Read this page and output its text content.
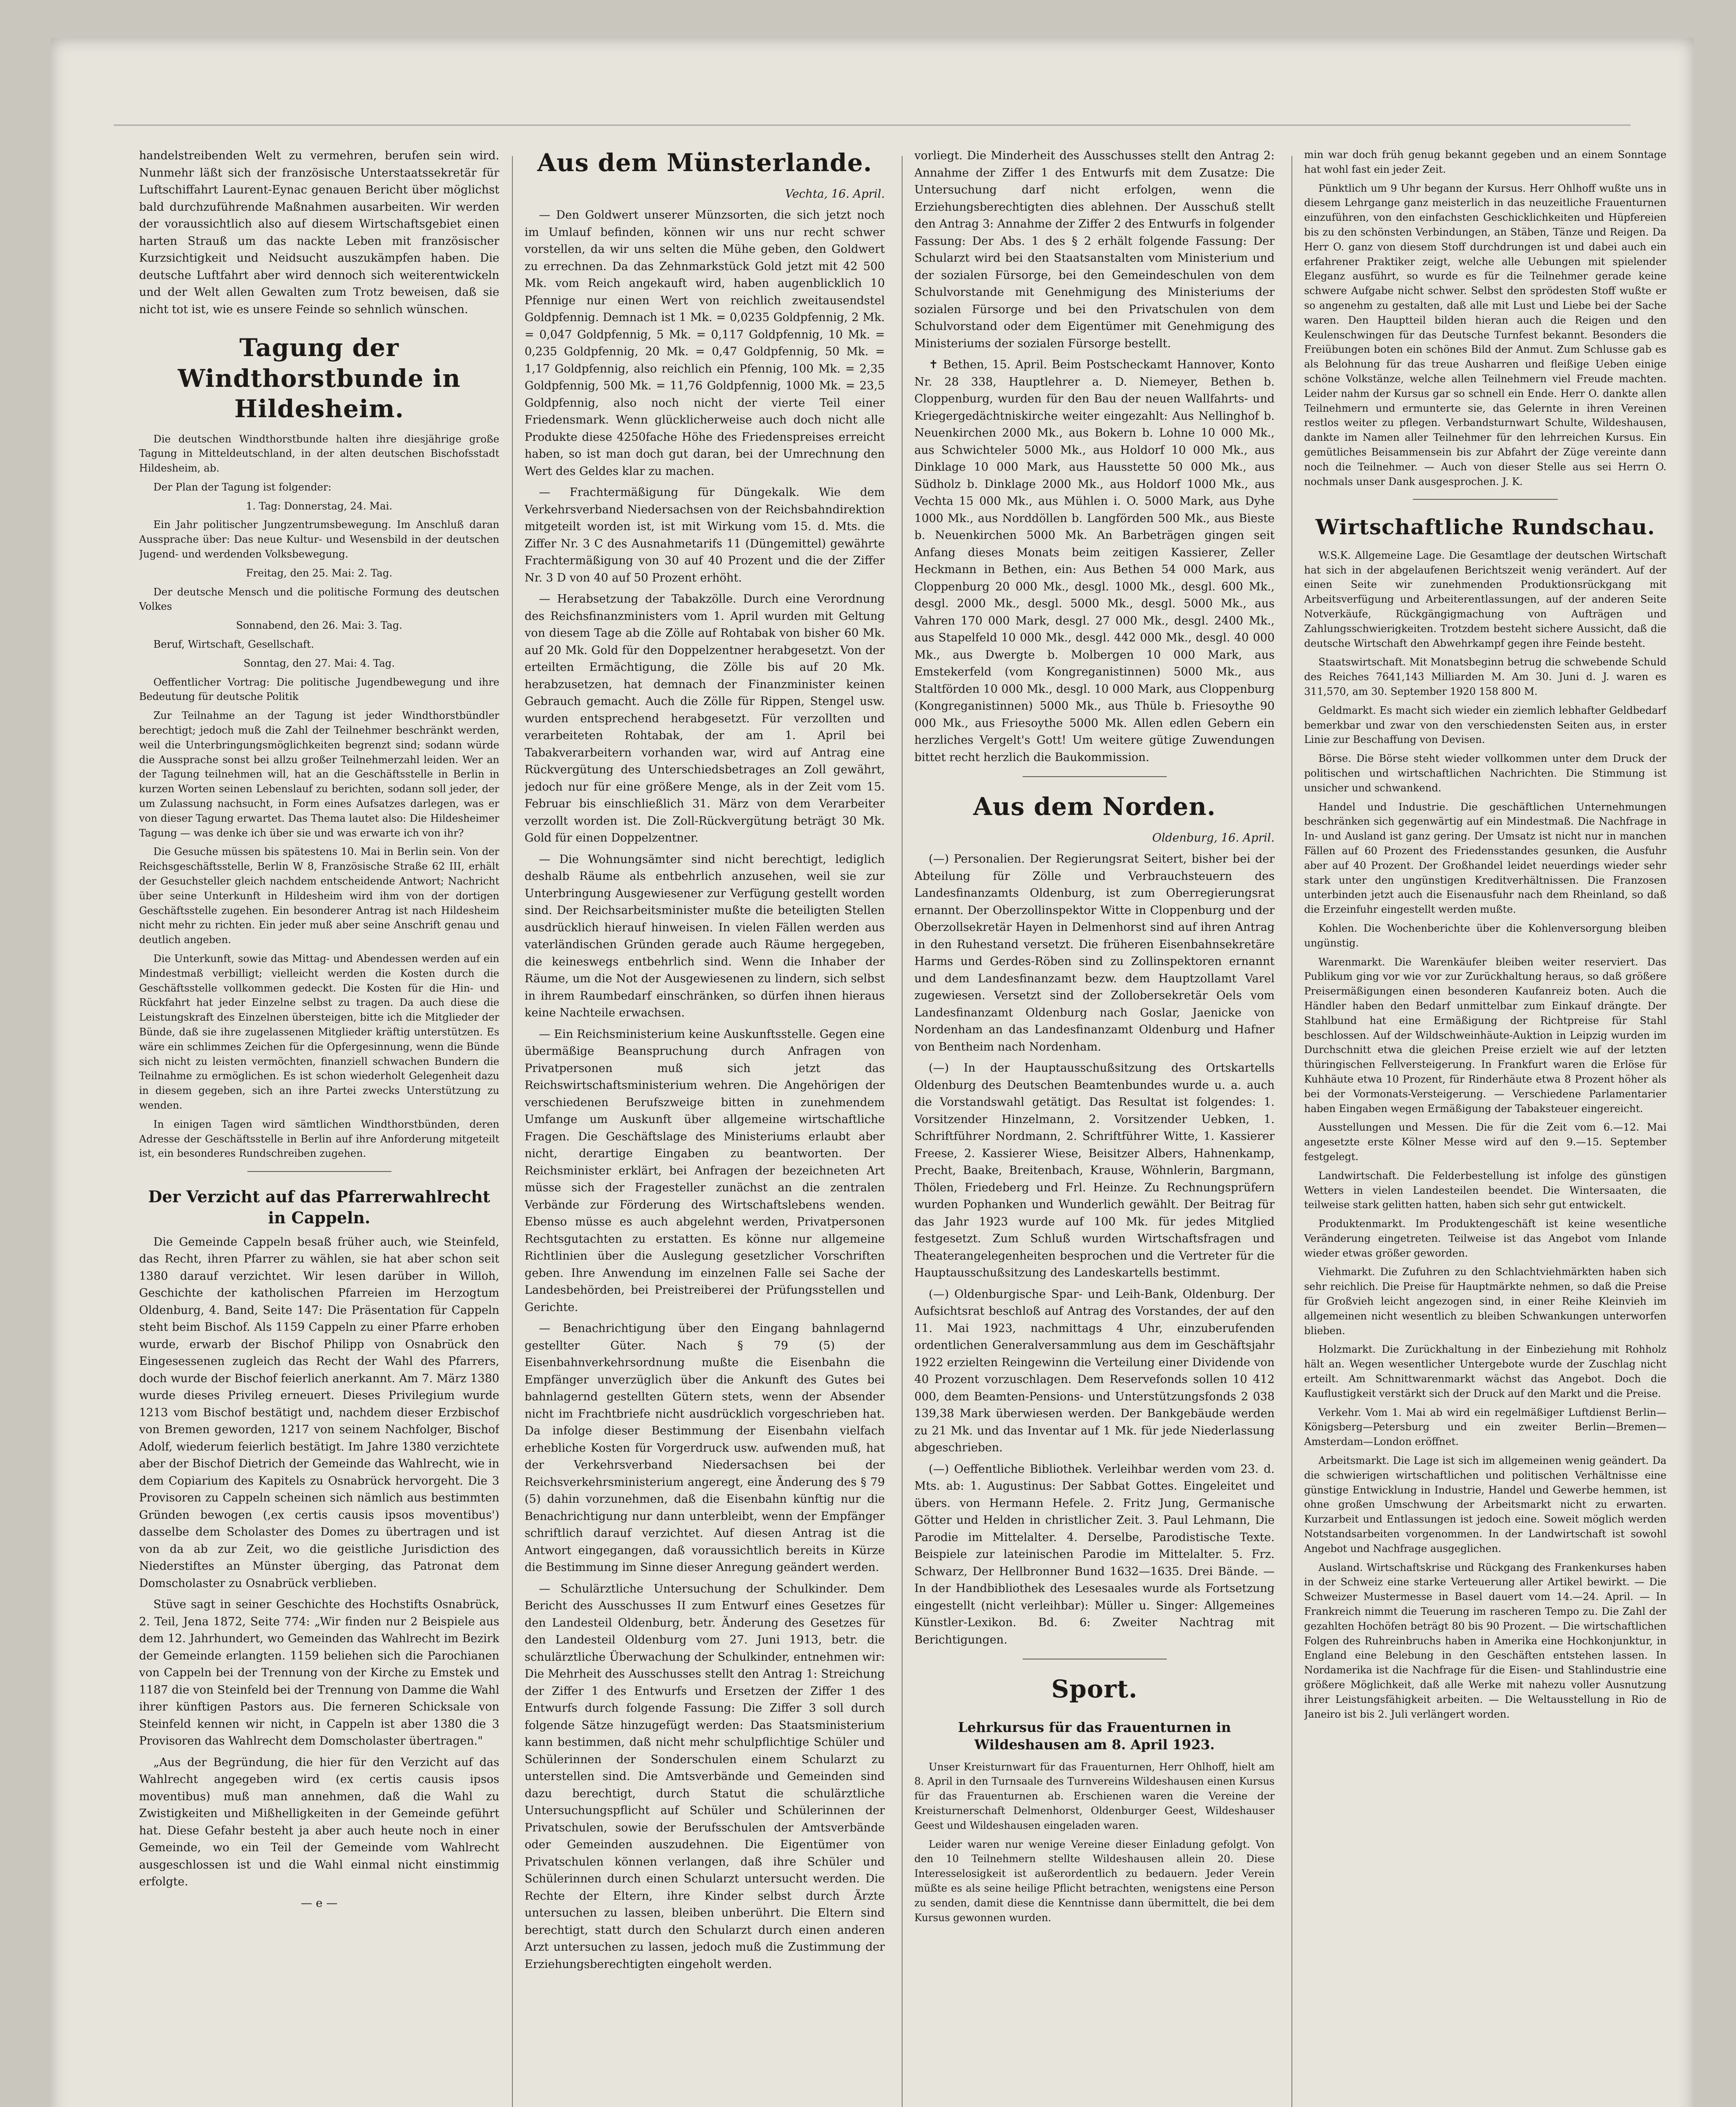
handelstreibenden Welt zu vermehren, berufen sein wird. Nunmehr läßt sich der französische Unterstaatssekretär für Luftschiffahrt Laurent-Eynac genauen Bericht über möglichst bald durchzuführende Maßnahmen ausarbeiten. Wir werden der voraussichtlich also auf diesem Wirtschaftsgebiet einen harten Strauß um das nackte Leben mit französischer Kurzsichtigkeit und Neidsucht auszukämpfen haben. Die deutsche Luftfahrt aber wird dennoch sich weiterentwickeln und der Welt allen Gewalten zum Trotz beweisen, daß sie nicht tot ist, wie es unsere Feinde so sehnlich wünschen.

Tagung der Windthorstbunde in Hildesheim.

Die deutschen Windthorstbunde halten ihre diesjährige große Tagung in Mitteldeutschland, in der alten deutschen Bischofsstadt Hildesheim, ab.

Der Plan der Tagung ist folgender:

1. Tag: Donnerstag, 24. Mai.

Ein Jahr politischer Jungzentrumsbewegung. Im Anschluß daran Aussprache über: Das neue Kultur- und Wesensbild in der deutschen Jugend- und werdenden Volksbewegung.

Freitag, den 25. Mai: 2. Tag.

Der deutsche Mensch und die politische Formung des deutschen Volkes

Sonnabend, den 26. Mai: 3. Tag.

Beruf, Wirtschaft, Gesellschaft.

Sonntag, den 27. Mai: 4. Tag.

Oeffentlicher Vortrag: Die politische Jugendbewegung und ihre Bedeutung für deutsche Politik

Zur Teilnahme an der Tagung ist jeder Windthorstbündler berechtigt; jedoch muß die Zahl der Teilnehmer beschränkt werden, weil die Unterbringungsmöglichkeiten begrenzt sind; sodann würde die Aussprache sonst bei allzu großer Teilnehmerzahl leiden. Wer an der Tagung teilnehmen will, hat an die Geschäftsstelle in Berlin in kurzen Worten seinen Lebenslauf zu berichten, sodann soll jeder, der um Zulassung nachsucht, in Form eines Aufsatzes darlegen, was er von dieser Tagung erwartet. Das Thema lautet also: Die Hildesheimer Tagung — was denke ich über sie und was erwarte ich von ihr?

Die Gesuche müssen bis spätestens 10. Mai in Berlin sein. Von der Reichsgeschäftsstelle, Berlin W 8, Französische Straße 62 III, erhält der Gesuchsteller gleich nachdem entscheidende Antwort; Nachricht über seine Unterkunft in Hildesheim wird ihm von der dortigen Geschäftsstelle zugehen. Ein besonderer Antrag ist nach Hildesheim nicht mehr zu richten. Ein jeder muß aber seine Anschrift genau und deutlich angeben.

Die Unterkunft, sowie das Mittag- und Abendessen werden auf ein Mindestmaß verbilligt; vielleicht werden die Kosten durch die Geschäftsstelle vollkommen gedeckt. Die Kosten für die Hin- und Rückfahrt hat jeder Einzelne selbst zu tragen. Da auch diese die Leistungskraft des Einzelnen übersteigen, bitte ich die Mitglieder der Bünde, daß sie ihre zugelassenen Mitglieder kräftig unterstützen. Es wäre ein schlimmes Zeichen für die Opfergesinnung, wenn die Bünde sich nicht zu leisten vermöchten, finanziell schwachen Bundern die Teilnahme zu ermöglichen. Es ist schon wiederholt Gelegenheit dazu in diesem gegeben, sich an ihre Partei zwecks Unterstützung zu wenden.

In einigen Tagen wird sämtlichen Windthorstbünden, deren Adresse der Geschäftsstelle in Berlin auf ihre Anforderung mitgeteilt ist, ein besonderes Rundschreiben zugehen.

Der Verzicht auf das Pfarrerwahlrecht in Cappeln.

Die Gemeinde Cappeln besaß früher auch, wie Steinfeld, das Recht, ihren Pfarrer zu wählen, sie hat aber schon seit 1380 darauf verzichtet. Wir lesen darüber in Willoh, Geschichte der katholischen Pfarreien im Herzogtum Oldenburg, 4. Band, Seite 147: Die Präsentation für Cappeln steht beim Bischof. Als 1159 Cappeln zu einer Pfarre erhoben wurde, erwarb der Bischof Philipp von Osnabrück den Eingesessenen zugleich das Recht der Wahl des Pfarrers, doch wurde der Bischof feierlich anerkannt. Am 7. März 1380 wurde dieses Privileg erneuert. Dieses Privilegium wurde 1213 vom Bischof bestätigt und, nachdem dieser Erzbischof von Bremen geworden, 1217 von seinem Nachfolger, Bischof Adolf, wiederum feierlich bestätigt. Im Jahre 1380 verzichtete aber der Bischof Dietrich der Gemeinde das Wahlrecht, wie in dem Copiarium des Kapitels zu Osnabrück hervorgeht. Die 3 Provisoren zu Cappeln scheinen sich nämlich aus bestimmten Gründen bewogen (,ex certis causis ipsos moventibus') dasselbe dem Scholaster des Domes zu übertragen und ist von da ab zur Zeit, wo die geistliche Jurisdiction des Niederstiftes an Münster überging, das Patronat dem Domscholaster zu Osnabrück verblieben.

Stüve sagt in seiner Geschichte des Hochstifts Osnabrück, 2. Teil, Jena 1872, Seite 774: „Wir finden nur 2 Beispiele aus dem 12. Jahrhundert, wo Gemeinden das Wahlrecht im Bezirk der Gemeinde erlangten. 1159 beliehen sich die Parochianen von Cappeln bei der Trennung von der Kirche zu Emstek und 1187 die von Steinfeld bei der Trennung von Damme die Wahl ihrer künftigen Pastors aus. Die ferneren Schicksale von Steinfeld kennen wir nicht, in Cappeln ist aber 1380 die 3 Provisoren das Wahlrecht dem Domscholaster übertragen."

„Aus der Begründung, die hier für den Verzicht auf das Wahlrecht angegeben wird (ex certis causis ipsos moventibus) muß man annehmen, daß die Wahl zu Zwistigkeiten und Mißhelligkeiten in der Gemeinde geführt hat. Diese Gefahr besteht ja aber auch heute noch in einer Gemeinde, wo ein Teil der Gemeinde vom Wahlrecht ausgeschlossen ist und die Wahl einmal nicht einstimmig erfolgte.

— e —
Aus dem Münsterlande.
Vechta, 16. April.

— Den Goldwert unserer Münzsorten, die sich jetzt noch im Umlauf befinden, können wir uns nur recht schwer vorstellen, da wir uns selten die Mühe geben, den Goldwert zu errechnen. Da das Zehnmarkstück Gold jetzt mit 42 500 Mk. vom Reich angekauft wird, haben augenblicklich 10 Pfennige nur einen Wert von reichlich zweitausendstel Goldpfennig. Demnach ist 1 Mk. = 0,0235 Goldpfennig, 2 Mk. = 0,047 Goldpfennig, 5 Mk. = 0,117 Goldpfennig, 10 Mk. = 0,235 Goldpfennig, 20 Mk. = 0,47 Goldpfennig, 50 Mk. = 1,17 Goldpfennig, also reichlich ein Pfennig, 100 Mk. = 2,35 Goldpfennig, 500 Mk. = 11,76 Goldpfennig, 1000 Mk. = 23,5 Goldpfennig, also noch nicht der vierte Teil einer Friedensmark. Wenn glücklicherweise auch doch nicht alle Produkte diese 4250fache Höhe des Friedenspreises erreicht haben, so ist man doch gut daran, bei der Umrechnung den Wert des Geldes klar zu machen.

— Frachtermäßigung für Düngekalk. Wie dem Verkehrsverband Niedersachsen von der Reichsbahndirektion mitgeteilt worden ist, ist mit Wirkung vom 15. d. Mts. die Ziffer Nr. 3 C des Ausnahmetarifs 11 (Düngemittel) gewährte Frachtermäßigung von 30 auf 40 Prozent und die der Ziffer Nr. 3 D von 40 auf 50 Prozent erhöht.

— Herabsetzung der Tabakzölle. Durch eine Verordnung des Reichsfinanzministers vom 1. April wurden mit Geltung von diesem Tage ab die Zölle auf Rohtabak von bisher 60 Mk. auf 20 Mk. Gold für den Doppelzentner herabgesetzt. Von der erteilten Ermächtigung, die Zölle bis auf 20 Mk. herabzusetzen, hat demnach der Finanzminister keinen Gebrauch gemacht. Auch die Zölle für Rippen, Stengel usw. wurden entsprechend herabgesetzt. Für verzollten und verarbeiteten Rohtabak, der am 1. April bei Tabakverarbeitern vorhanden war, wird auf Antrag eine Rückvergütung des Unterschiedsbetrages an Zoll gewährt, jedoch nur für eine größere Menge, als in der Zeit vom 15. Februar bis einschließlich 31. März von dem Verarbeiter verzollt worden ist. Die Zoll-Rückvergütung beträgt 30 Mk. Gold für einen Doppelzentner.

— Die Wohnungsämter sind nicht berechtigt, lediglich deshalb Räume als entbehrlich anzusehen, weil sie zur Unterbringung Ausgewiesener zur Verfügung gestellt worden sind. Der Reichsarbeitsminister mußte die beteiligten Stellen ausdrücklich hierauf hinweisen. In vielen Fällen werden aus vaterländischen Gründen gerade auch Räume hergegeben, die keineswegs entbehrlich sind. Wenn die Inhaber der Räume, um die Not der Ausgewiesenen zu lindern, sich selbst in ihrem Raumbedarf einschränken, so dürfen ihnen hieraus keine Nachteile erwachsen.

— Ein Reichsministerium keine Auskunftsstelle. Gegen eine übermäßige Beanspruchung durch Anfragen von Privatpersonen muß sich jetzt das Reichswirtschaftsministerium wehren. Die Angehörigen der verschiedenen Berufszweige bitten in zunehmendem Umfange um Auskunft über allgemeine wirtschaftliche Fragen. Die Geschäftslage des Ministeriums erlaubt aber nicht, derartige Eingaben zu beantworten. Der Reichsminister erklärt, bei Anfragen der bezeichneten Art müsse sich der Fragesteller zunächst an die zentralen Verbände zur Förderung des Wirtschaftslebens wenden. Ebenso müsse es auch abgelehnt werden, Privatpersonen Rechtsgutachten zu erstatten. Es könne nur allgemeine Richtlinien über die Auslegung gesetzlicher Vorschriften geben. Ihre Anwendung im einzelnen Falle sei Sache der Landesbehörden, bei Preistreiberei der Prüfungsstellen und Gerichte.

— Benachrichtigung über den Eingang bahnlagernd gestellter Güter. Nach § 79 (5) der Eisenbahnverkehrsordnung mußte die Eisenbahn die Empfänger unverzüglich über die Ankunft des Gutes bei bahnlagernd gestellten Gütern stets, wenn der Absender nicht im Frachtbriefe nicht ausdrücklich vorgeschrieben hat. Da infolge dieser Bestimmung der Eisenbahn vielfach erhebliche Kosten für Vorgerdruck usw. aufwenden muß, hat der Verkehrsverband Niedersachsen bei der Reichsverkehrsministerium angeregt, eine Änderung des § 79 (5) dahin vorzunehmen, daß die Eisenbahn künftig nur die Benachrichtigung nur dann unterbleibt, wenn der Empfänger schriftlich darauf verzichtet. Auf diesen Antrag ist die Antwort eingegangen, daß voraussichtlich bereits in Kürze die Bestimmung im Sinne dieser Anregung geändert werden.

— Schulärztliche Untersuchung der Schulkinder. Dem Bericht des Ausschusses II zum Entwurf eines Gesetzes für den Landesteil Oldenburg, betr. Änderung des Gesetzes für den Landesteil Oldenburg vom 27. Juni 1913, betr. die schulärztliche Überwachung der Schulkinder, entnehmen wir: Die Mehrheit des Ausschusses stellt den Antrag 1: Streichung der Ziffer 1 des Entwurfs und Ersetzen der Ziffer 1 des Entwurfs durch folgende Fassung: Die Ziffer 3 soll durch folgende Sätze hinzugefügt werden: Das Staatsministerium kann bestimmen, daß nicht mehr schulpflichtige Schüler und Schülerinnen der Sonderschulen einem Schularzt zu unterstellen sind. Die Amtsverbände und Gemeinden sind dazu berechtigt, durch Statut die schulärztliche Untersuchungspflicht auf Schüler und Schülerinnen der Privatschulen, sowie der Berufsschulen der Amtsverbände oder Gemeinden auszudehnen. Die Eigentümer von Privatschulen können verlangen, daß ihre Schüler und Schülerinnen durch einen Schularzt untersucht werden. Die Rechte der Eltern, ihre Kinder selbst durch Ärzte untersuchen zu lassen, bleiben unberührt. Die Eltern sind berechtigt, statt durch den Schularzt durch einen anderen Arzt untersuchen zu lassen, jedoch muß die Zustimmung der Erziehungsberechtigten eingeholt werden.

vorliegt. Die Minderheit des Ausschusses stellt den Antrag 2: Annahme der Ziffer 1 des Entwurfs mit dem Zusatze: Die Untersuchung darf nicht erfolgen, wenn die Erziehungsberechtigten dies ablehnen. Der Ausschuß stellt den Antrag 3: Annahme der Ziffer 2 des Entwurfs in folgender Fassung: Der Abs. 1 des § 2 erhält folgende Fassung: Der Schularzt wird bei den Staatsanstalten vom Ministerium und der sozialen Fürsorge, bei den Gemeindeschulen von dem Schulvorstande mit Genehmigung des Ministeriums der sozialen Fürsorge und bei den Privatschulen von dem Schulvorstand oder dem Eigentümer mit Genehmigung des Ministeriums der sozialen Fürsorge bestellt.

✝ Bethen, 15. April. Beim Postscheckamt Hannover, Konto Nr. 28 338, Hauptlehrer a. D. Niemeyer, Bethen b. Cloppenburg, wurden für den Bau der neuen Wallfahrts- und Kriegergedächtniskirche weiter eingezahlt: Aus Nellinghof b. Neuenkirchen 2000 Mk., aus Bokern b. Lohne 10 000 Mk., aus Schwichteler 5000 Mk., aus Holdorf 10 000 Mk., aus Dinklage 10 000 Mark, aus Hausstette 50 000 Mk., aus Südholz b. Dinklage 2000 Mk., aus Holdorf 1000 Mk., aus Vechta 15 000 Mk., aus Mühlen i. O. 5000 Mark, aus Dyhe 1000 Mk., aus Norddöllen b. Langförden 500 Mk., aus Bieste b. Neuenkirchen 5000 Mk. An Barbeträgen gingen seit Anfang dieses Monats beim zeitigen Kassierer, Zeller Heckmann in Bethen, ein: Aus Bethen 54 000 Mark, aus Cloppenburg 20 000 Mk., desgl. 1000 Mk., desgl. 600 Mk., desgl. 2000 Mk., desgl. 5000 Mk., desgl. 5000 Mk., aus Vahren 170 000 Mark, desgl. 27 000 Mk., desgl. 2400 Mk., aus Stapelfeld 10 000 Mk., desgl. 442 000 Mk., desgl. 40 000 Mk., aus Dwergte b. Molbergen 10 000 Mark, aus Emstekerfeld (vom Kongreganistinnen) 5000 Mk., aus Staltförden 10 000 Mk., desgl. 10 000 Mark, aus Cloppenburg (Kongreganistinnen) 5000 Mk., aus Thüle b. Friesoythe 90 000 Mk., aus Friesoythe 5000 Mk. Allen edlen Gebern ein herzliches Vergelt's Gott! Um weitere gütige Zuwendungen bittet recht herzlich die Baukommission.

Aus dem Norden.
Oldenburg, 16. April.

(—) Personalien. Der Regierungsrat Seitert, bisher bei der Abteilung für Zölle und Verbrauchsteuern des Landesfinanzamts Oldenburg, ist zum Oberregierungsrat ernannt. Der Oberzollinspektor Witte in Cloppenburg und der Oberzollsekretär Hayen in Delmenhorst sind auf ihren Antrag in den Ruhestand versetzt. Die früheren Eisenbahnsekretäre Harms und Gerdes-Röben sind zu Zollinspektoren ernannt und dem Landesfinanzamt bezw. dem Hauptzollamt Varel zugewiesen. Versetzt sind der Zollobersekretär Oels vom Landesfinanzamt Oldenburg nach Goslar, Jaenicke von Nordenham an das Landesfinanzamt Oldenburg und Hafner von Bentheim nach Nordenham.

(—) In der Hauptausschußsitzung des Ortskartells Oldenburg des Deutschen Beamtenbundes wurde u. a. auch die Vorstandswahl getätigt. Das Resultat ist folgendes: 1. Vorsitzender Hinzelmann, 2. Vorsitzender Uebken, 1. Schriftführer Nordmann, 2. Schriftführer Witte, 1. Kassierer Freese, 2. Kassierer Wiese, Beisitzer Albers, Hahnenkamp, Precht, Baake, Breitenbach, Krause, Wöhnlerin, Bargmann, Thölen, Friedeberg und Frl. Heinze. Zu Rechnungsprüfern wurden Pophanken und Wunderlich gewählt. Der Beitrag für das Jahr 1923 wurde auf 100 Mk. für jedes Mitglied festgesetzt. Zum Schluß wurden Wirtschaftsfragen und Theaterangelegenheiten besprochen und die Vertreter für die Hauptausschußsitzung des Landeskartells bestimmt.

(—) Oldenburgische Spar- und Leih-Bank, Oldenburg. Der Aufsichtsrat beschloß auf Antrag des Vorstandes, der auf den 11. Mai 1923, nachmittags 4 Uhr, einzuberufenden ordentlichen Generalversammlung aus dem im Geschäftsjahr 1922 erzielten Reingewinn die Verteilung einer Dividende von 40 Prozent vorzuschlagen. Dem Reservefonds sollen 10 412 000, dem Beamten-Pensions- und Unterstützungsfonds 2 038 139,38 Mark überwiesen werden. Der Bankgebäude werden zu 21 Mk. und das Inventar auf 1 Mk. für jede Niederlassung abgeschrieben.

(—) Oeffentliche Bibliothek. Verleihbar werden vom 23. d. Mts. ab: 1. Augustinus: Der Sabbat Gottes. Eingeleitet und übers. von Hermann Hefele. 2. Fritz Jung, Germanische Götter und Helden in christlicher Zeit. 3. Paul Lehmann, Die Parodie im Mittelalter. 4. Derselbe, Parodistische Texte. Beispiele zur lateinischen Parodie im Mittelalter. 5. Frz. Schwarz, Der Hellbronner Bund 1632—1635. Drei Bände. — In der Handbibliothek des Lesesaales wurde als Fortsetzung eingestellt (nicht verleihbar): Müller u. Singer: Allgemeines Künstler-Lexikon. Bd. 6: Zweiter Nachtrag mit Berichtigungen.

Sport.
Lehrkursus für das Frauenturnen in Wildeshausen am 8. April 1923.

Unser Kreisturnwart für das Frauenturnen, Herr Ohlhoff, hielt am 8. April in den Turnsaale des Turnvereins Wildeshausen einen Kursus für das Frauenturnen ab. Erschienen waren die Vereine der Kreisturnerschaft Delmenhorst, Oldenburger Geest, Wildeshauser Geest und Wildeshausen eingeladen waren.

Leider waren nur wenige Vereine dieser Einladung gefolgt. Von den 10 Teilnehmern stellte Wildeshausen allein 20. Diese Interesselosigkeit ist außerordentlich zu bedauern. Jeder Verein müßte es als seine heilige Pflicht betrachten, wenigstens eine Person zu senden, damit diese die Kenntnisse dann übermittelt, die bei dem Kursus gewonnen wurden.

min war doch früh genug bekannt gegeben und an einem Sonntage hat wohl fast ein jeder Zeit.

Pünktlich um 9 Uhr begann der Kursus. Herr Ohlhoff wußte uns in diesem Lehrgange ganz meisterlich in das neuzeitliche Frauenturnen einzuführen, von den einfachsten Geschicklichkeiten und Hüpfereien bis zu den schönsten Verbindungen, an Stäben, Tänze und Reigen. Da Herr O. ganz von diesem Stoff durchdrungen ist und dabei auch ein erfahrener Praktiker zeigt, welche alle Uebungen mit spielender Eleganz ausführt, so wurde es für die Teilnehmer gerade keine schwere Aufgabe nicht schwer. Selbst den sprödesten Stoff wußte er so angenehm zu gestalten, daß alle mit Lust und Liebe bei der Sache waren. Den Hauptteil bilden hieran auch die Reigen und den Keulenschwingen für das Deutsche Turnfest bekannt. Besonders die Freiübungen boten ein schönes Bild der Anmut. Zum Schlusse gab es als Belohnung für das treue Ausharren und fleißige Ueben einige schöne Volkstänze, welche allen Teilnehmern viel Freude machten. Leider nahm der Kursus gar so schnell ein Ende. Herr O. dankte allen Teilnehmern und ermunterte sie, das Gelernte in ihren Vereinen restlos weiter zu pflegen. Verbandsturnwart Schulte, Wildeshausen, dankte im Namen aller Teilnehmer für den lehrreichen Kursus. Ein gemütliches Beisammensein bis zur Abfahrt der Züge vereinte dann noch die Teilnehmer. — Auch von dieser Stelle aus sei Herrn O. nochmals unser Dank ausgesprochen. J. K.

Wirtschaftliche Rundschau.

W.S.K. Allgemeine Lage. Die Gesamtlage der deutschen Wirtschaft hat sich in der abgelaufenen Berichtszeit wenig verändert. Auf der einen Seite wir zunehmenden Produktionsrückgang mit Arbeitsverfügung und Arbeiterentlassungen, auf der anderen Seite Notverkäufe, Rückgängigmachung von Aufträgen und Zahlungsschwierigkeiten. Trotzdem besteht sichere Aussicht, daß die deutsche Wirtschaft den Abwehrkampf gegen ihre Feinde besteht.

Staatswirtschaft. Mit Monatsbeginn betrug die schwebende Schuld des Reiches 7641,143 Milliarden M. Am 30. Juni d. J. waren es 311,570, am 30. September 1920 158 800 M.

Geldmarkt. Es macht sich wieder ein ziemlich lebhafter Geldbedarf bemerkbar und zwar von den verschiedensten Seiten aus, in erster Linie zur Beschaffung von Devisen.

Börse. Die Börse steht wieder vollkommen unter dem Druck der politischen und wirtschaftlichen Nachrichten. Die Stimmung ist unsicher und schwankend.

Handel und Industrie. Die geschäftlichen Unternehmungen beschränken sich gegenwärtig auf ein Mindestmaß. Die Nachfrage in In- und Ausland ist ganz gering. Der Umsatz ist nicht nur in manchen Fällen auf 60 Prozent des Friedensstandes gesunken, die Ausfuhr aber auf 40 Prozent. Der Großhandel leidet neuerdings wieder sehr stark unter den ungünstigen Kreditverhältnissen. Die Franzosen unterbinden jetzt auch die Eisenausfuhr nach dem Rheinland, so daß die Erzeinfuhr eingestellt werden mußte.

Kohlen. Die Wochenberichte über die Kohlenversorgung bleiben ungünstig.

Warenmarkt. Die Warenkäufer bleiben weiter reserviert. Das Publikum ging vor wie vor zur Zurückhaltung heraus, so daß größere Preisermäßigungen einen besonderen Kaufanreiz boten. Auch die Händler haben den Bedarf unmittelbar zum Einkauf drängte. Der Stahlbund hat eine Ermäßigung der Richtpreise für Stahl beschlossen. Auf der Wildschweinhäute-Auktion in Leipzig wurden im Durchschnitt etwa die gleichen Preise erzielt wie auf der letzten thüringischen Fellversteigerung. In Frankfurt waren die Erlöse für Kuhhäute etwa 10 Prozent, für Rinderhäute etwa 8 Prozent höher als bei der Vormonats-Versteigerung. — Verschiedene Parlamentarier haben Eingaben wegen Ermäßigung der Tabaksteuer eingereicht.

Ausstellungen und Messen. Die für die Zeit vom 6.—12. Mai angesetzte erste Kölner Messe wird auf den 9.—15. September festgelegt.

Landwirtschaft. Die Felderbestellung ist infolge des günstigen Wetters in vielen Landesteilen beendet. Die Wintersaaten, die teilweise stark gelitten hatten, haben sich sehr gut entwickelt.

Produktenmarkt. Im Produktengeschäft ist keine wesentliche Veränderung eingetreten. Teilweise ist das Angebot vom Inlande wieder etwas größer geworden.

Viehmarkt. Die Zufuhren zu den Schlachtviehmärkten haben sich sehr reichlich. Die Preise für Hauptmärkte nehmen, so daß die Preise für Großvieh leicht angezogen sind, in einer Reihe Kleinvieh im allgemeinen nicht wesentlich zu bleiben Schwankungen unterworfen blieben.

Holzmarkt. Die Zurückhaltung in der Einbeziehung mit Rohholz hält an. Wegen wesentlicher Untergebote wurde der Zuschlag nicht erteilt. Am Schnittwarenmarkt wächst das Angebot. Doch die Kauflustigkeit verstärkt sich der Druck auf den Markt und die Preise.

Verkehr. Vom 1. Mai ab wird ein regelmäßiger Luftdienst Berlin—Königsberg—Petersburg und ein zweiter Berlin—Bremen—Amsterdam—London eröffnet.

Arbeitsmarkt. Die Lage ist sich im allgemeinen wenig geändert. Da die schwierigen wirtschaftlichen und politischen Verhältnisse eine günstige Entwicklung in Industrie, Handel und Gewerbe hemmen, ist ohne großen Umschwung der Arbeitsmarkt nicht zu erwarten. Kurzarbeit und Entlassungen ist jedoch eine. Soweit möglich werden Notstandsarbeiten vorgenommen. In der Landwirtschaft ist sowohl Angebot und Nachfrage ausgeglichen.

Ausland. Wirtschaftskrise und Rückgang des Frankenkurses haben in der Schweiz eine starke Verteuerung aller Artikel bewirkt. — Die Schweizer Mustermesse in Basel dauert vom 14.—24. April. — In Frankreich nimmt die Teuerung im rascheren Tempo zu. Die Zahl der gezahlten Hochöfen beträgt 80 bis 90 Prozent. — Die wirtschaftlichen Folgen des Ruhreinbruchs haben in Amerika eine Hochkonjunktur, in England eine Belebung in den Geschäften entstehen lassen. In Nordamerika ist die Nachfrage für die Eisen- und Stahlindustrie eine größere Möglichkeit, daß alle Werke mit nahezu voller Ausnutzung ihrer Leistungsfähigkeit arbeiten. — Die Weltausstellung in Rio de Janeiro ist bis 2. Juli verlängert worden.
